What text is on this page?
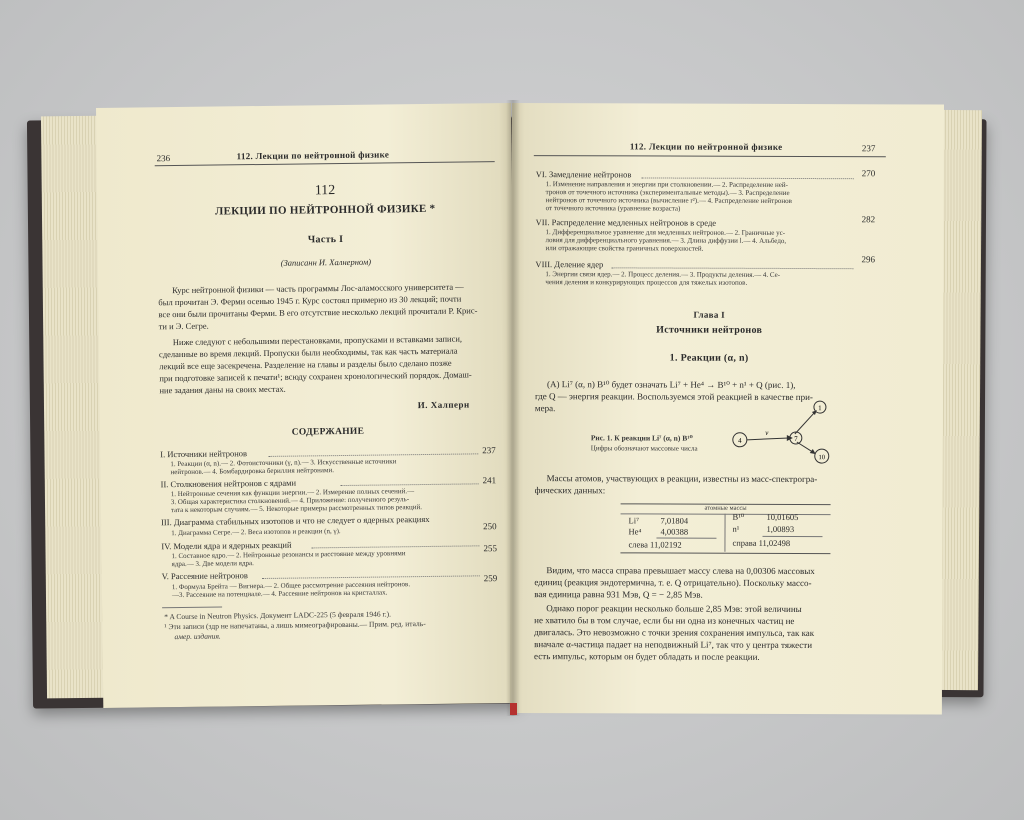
236	112. Лекции по нейтронной физике
112
ЛЕКЦИИ ПО НЕЙТРОННОЙ ФИЗИКЕ *
Часть I
(Записанн И. Халнерном)
Курс нейтронной физики — часть программы Лос-аламосского университета —
был прочитан Э. Ферми осенью 1945 г. Курс состоял примерно из 30 лекций; почти
все они были прочитаны Ферми. В его отсутствие несколько лекций прочитали Р. Крис-
ти и Э. Сегре.
Ниже следуют с небольшими перестановками, пропусками и вставками записи,
сделанные во время лекций. Пропуски были необходимы, так как часть материала
лекций все еще засекречена. Разделение на главы и разделы было сделано позже
при подготовке записей к печати¹; всюду сохранен хронологический порядок. Домаш-
ние задания даны на своих местах.
И. Халперн
СОДЕРЖАНИЕ
I. Источники нейтронов	237
1. Реакции (α, n).— 2. Фотоисточники (γ, n).— 3. Искусственные источники
нейтронов.— 4. Бомбардировка бериллия нейтронами.
II. Столкновения нейтронов с ядрами	241
1. Нейтронные сечения как функции энергии.— 2. Измерение полных сечений.—
3. Общая характеристика столкновений.— 4. Приложение: полученного резуль-
тата к некоторым случаям.— 5. Некоторые примеры рассмотренных типов реакций.
III. Диаграмма стабильных изотопов и что не следует о ядерных реакциях	250
1. Диаграмма Сегре.— 2. Веса изотопов и реакции (n, γ).
IV. Модели ядра и ядерных реакций	255
1. Составное ядро.— 2. Нейтронные резонансы и расстояние между уровнями
ядра.— 3. Две модели ядра.
V. Рассеяние нейтронов	259
1. Формула Брейта — Вигнера.— 2. Общее рассмотрение рассеяния нейтронов.
—3. Рассеяние на потенциале.— 4. Рассеяние нейтронов на кристаллах.
* A Course in Neutron Physics. Документ LADC-225 (5 февраля 1946 г.).
¹ Эти записи (здр не напечатаны, а лишь мимеографированы.— Прим. ред. италь-
амер. издания.
112. Лекции по нейтронной физике	237
VI. Замедление нейтронов	270
1. Изменение направления и энергии при столкновении.— 2. Распределение ней-
тронов от точечного источника (экспериментальные методы).— 3. Распределение
нейтронов от точечного источника (вычисление r²).— 4. Распределение нейтронов
от точечного источника (уравнение возраста)
VII. Распределение медленных нейтронов в среде	282
1. Дифференциальное уравнение для медленных нейтронов.— 2. Граничные ус-
ловия для дифференциального уравнения.— 3. Длина диффузии l.— 4. Альбедо,
или отражающие свойства граничных поверхностей.
VIII. Деление ядер	296
1. Энергии связи ядер.— 2. Процесс деления.— 3. Продукты деления.— 4. Се-
чения деления и конкурирующих процессов для тяжелых изотопов.
Глава I
Источники нейтронов
1. Реакции (α, n)
(A) Li⁷ (α, n) B¹⁰ будет означать Li⁷ + He⁴ → B¹⁰ + n¹ + Q (рис. 1),
где Q — энергия реакции. Воспользуемся этой реакцией в качестве при-
мера.
Рис. 1. К реакции Li⁷ (α, n) B¹⁰
Цифры обозначают массовые числа
4	7
1
10
ν
Массы атомов, участвующих в реакции, известны из масс-спектрогра-
фических данных:
атомные массы
Li⁷	7,01804
He⁴ 4,00388
слева 11,02192
B¹⁰	10,01605
n¹	1,00893
справа 11,02498
Видим, что масса справа превышает массу слева на 0,00306 массовых
единиц (реакция эндотермична, т. е. Q отрицательно). Поскольку массо-
вая единица равна 931 Мэв, Q = − 2,85 Мэв.
Однако порог реакции несколько больше 2,85 Мэв: этой величины
не хватило бы в том случае, если бы ни одна из конечных частиц не
двигалась. Это невозможно с точки зрения сохранения импульса, так как
вначале α-частица падает на неподвижный Li⁷, так что у центра тяжести
есть импульс, которым он будет обладать и после реакции.
